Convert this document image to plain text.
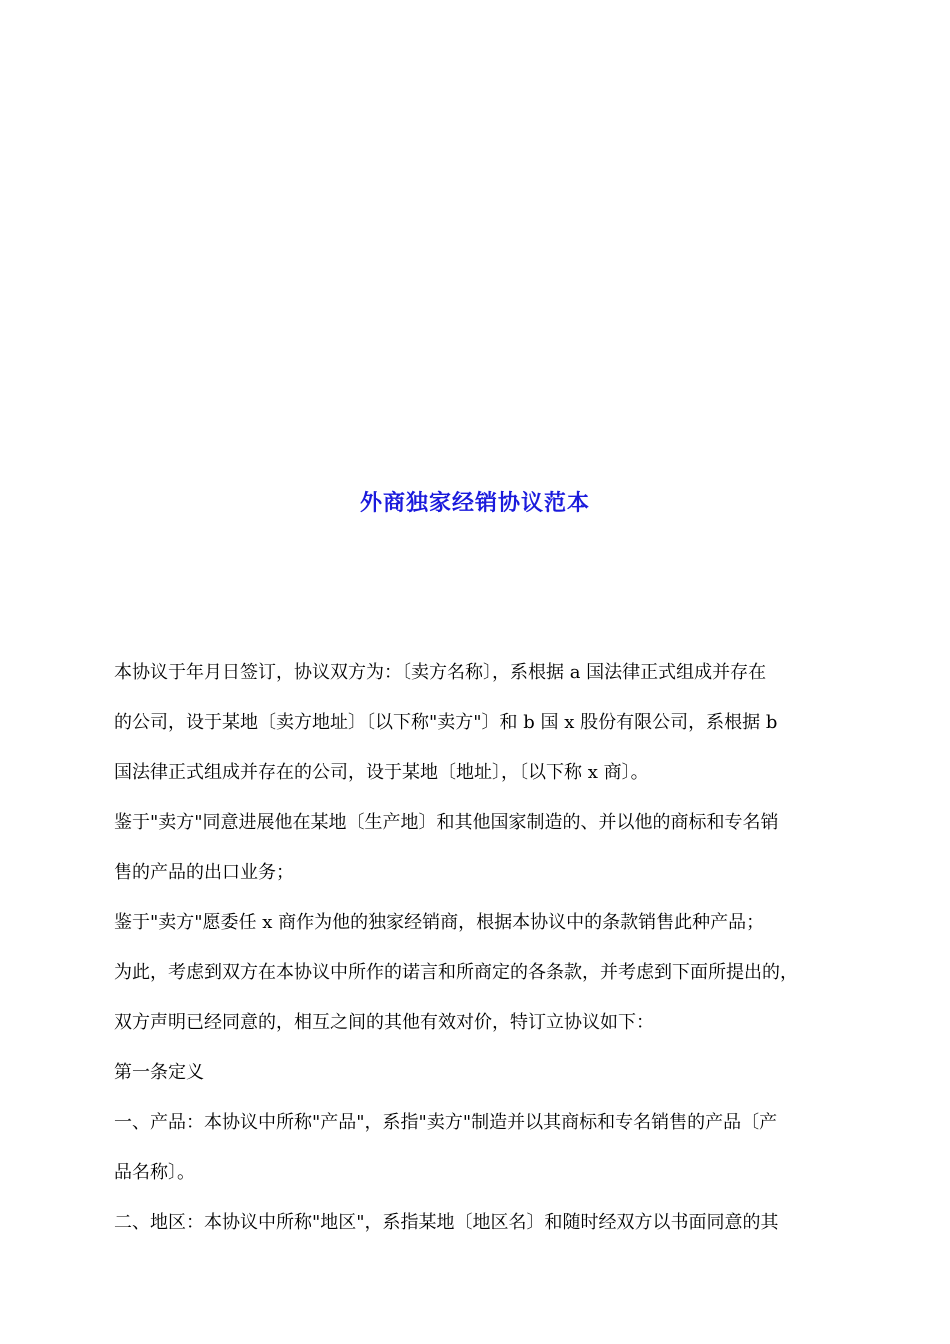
外商独家经销协议范本

本协议于年月日签订，协议双方为：〔卖方名称〕，系根据 a 国法律正式组成并存在

的公司，设于某地〔卖方地址〕〔以下称"卖方"〕和 b 国 x 股份有限公司，系根据 b

国法律正式组成并存在的公司，设于某地〔地址〕，〔以下称 x 商〕。

鉴于"卖方"同意进展他在某地〔生产地〕和其他国家制造的、并以他的商标和专名销

售的产品的出口业务；

鉴于"卖方"愿委任 x 商作为他的独家经销商，根据本协议中的条款销售此种产品；

为此，考虑到双方在本协议中所作的诺言和所商定的各条款，并考虑到下面所提出的，

双方声明已经同意的，相互之间的其他有效对价，特订立协议如下：

第一条定义

一、产品：本协议中所称"产品"，系指"卖方"制造并以其商标和专名销售的产品〔产

品名称〕。

二、地区：本协议中所称"地区"，系指某地〔地区名〕和随时经双方以书面同意的其
